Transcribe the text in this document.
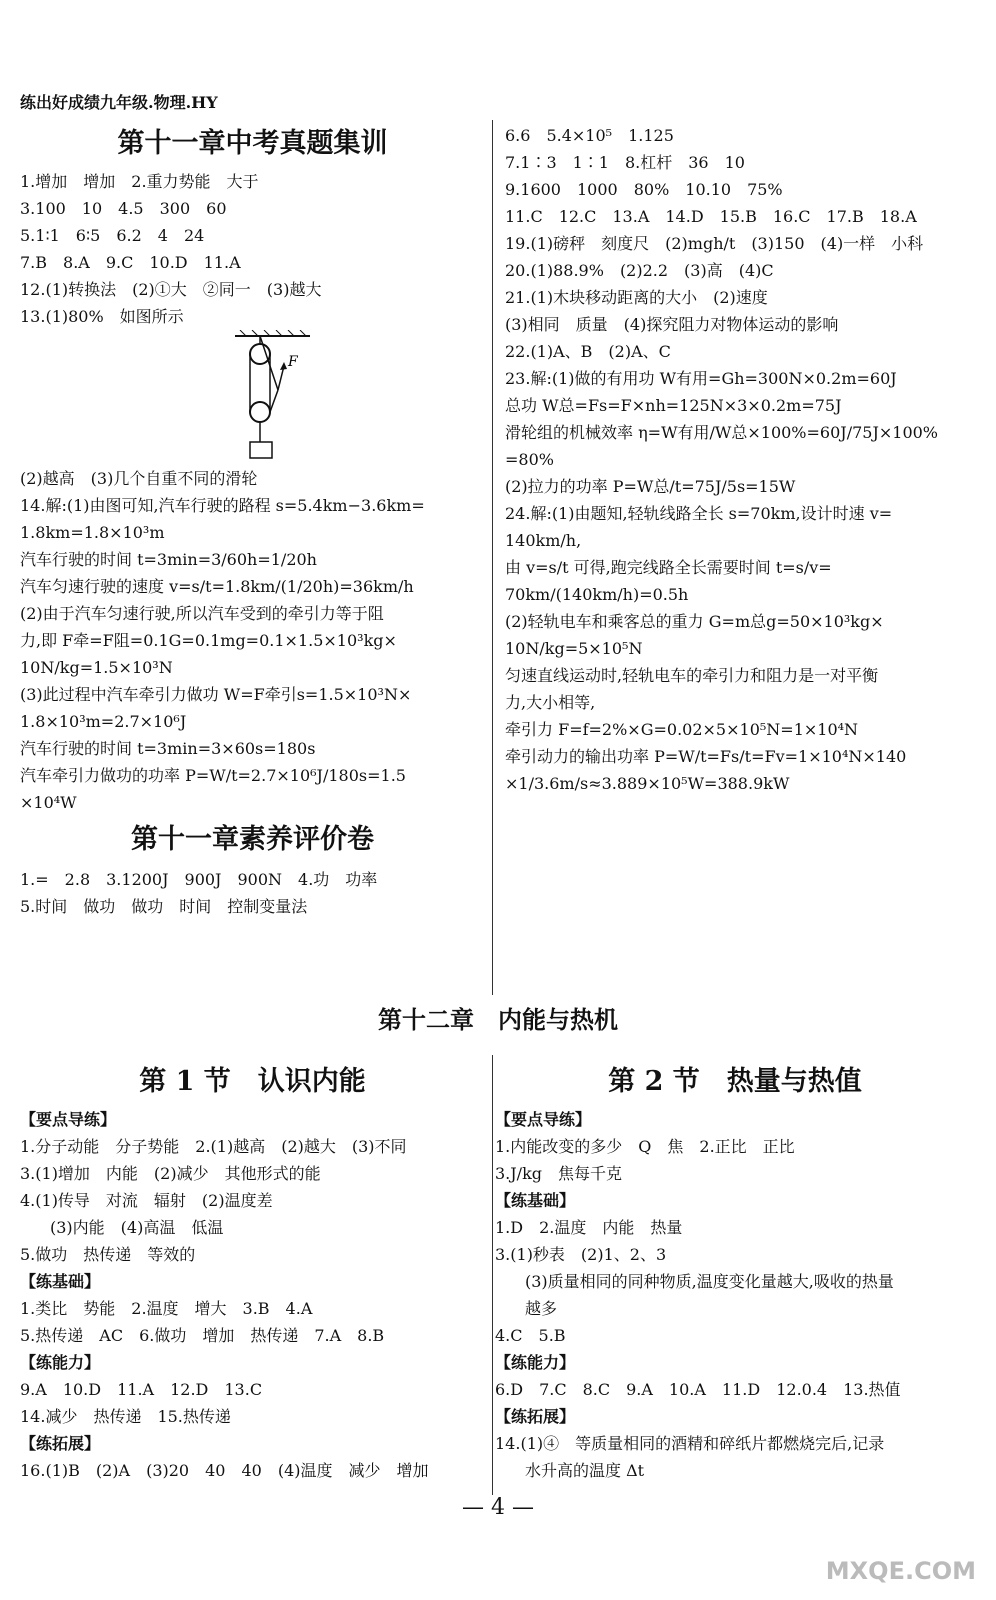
练出好成绩九年级.物理.HY
第十一章中考真题集训
1.增加　增加　2.重力势能　大于
3.100　10　4.5　300　60
5.1∶1　6∶5　6.2　4　24
7.B　8.A　9.C　10.D　11.A
12.(1)转换法　(2)①大　②同一　(3)越大
13.(1)80%　如图所示
F
(2)越高　(3)几个自重不同的滑轮
14.解:(1)由图可知,汽车行驶的路程 s=5.4km−3.6km=
1.8km=1.8×10³m
汽车行驶的时间 t=3min=3/60h=1/20h
汽车匀速行驶的速度 v=s/t=1.8km/(1/20h)=36km/h
(2)由于汽车匀速行驶,所以汽车受到的牵引力等于阻
力,即 F牵=F阻=0.1G=0.1mg=0.1×1.5×10³kg×
10N/kg=1.5×10³N
(3)此过程中汽车牵引力做功 W=F牵引s=1.5×10³N×
1.8×10³m=2.7×10⁶J
汽车行驶的时间 t=3min=3×60s=180s
汽车牵引力做功的功率 P=W/t=2.7×10⁶J/180s=1.5
×10⁴W
第十一章素养评价卷
1.=　2.8　3.1200J　900J　900N　4.功　功率
5.时间　做功　做功　时间　控制变量法
6.6　5.4×10⁵　1.125
7.1∶3　1∶1　8.杠杆　36　10
9.1600　1000　80%　10.10　75%
11.C　12.C　13.A　14.D　15.B　16.C　17.B　18.A
19.(1)磅秤　刻度尺　(2)mgh/t　(3)150　(4)一样　小科
20.(1)88.9%　(2)2.2　(3)高　(4)C
21.(1)木块移动距离的大小　(2)速度
(3)相同　质量　(4)探究阻力对物体运动的影响
22.(1)A、B　(2)A、C
23.解:(1)做的有用功 W有用=Gh=300N×0.2m=60J
总功 W总=Fs=F×nh=125N×3×0.2m=75J
滑轮组的机械效率 η=W有用/W总×100%=60J/75J×100%
=80%
(2)拉力的功率 P=W总/t=75J/5s=15W
24.解:(1)由题知,轻轨线路全长 s=70km,设计时速 v=
140km/h,
由 v=s/t 可得,跑完线路全长需要时间 t=s/v=
70km/(140km/h)=0.5h
(2)轻轨电车和乘客总的重力 G=m总g=50×10³kg×
10N/kg=5×10⁵N
匀速直线运动时,轻轨电车的牵引力和阻力是一对平衡
力,大小相等,
牵引力 F=f=2%×G=0.02×5×10⁵N=1×10⁴N
牵引动力的输出功率 P=W/t=Fs/t=Fv=1×10⁴N×140
×1/3.6m/s≈3.889×10⁵W=388.9kW
第十二章　内能与热机
第 1 节　认识内能
【要点导练】
1.分子动能　分子势能　2.(1)越高　(2)越大　(3)不同
3.(1)增加　内能　(2)减少　其他形式的能
4.(1)传导　对流　辐射　(2)温度差
(3)内能　(4)高温　低温
5.做功　热传递　等效的
【练基础】
1.类比　势能　2.温度　增大　3.B　4.A
5.热传递　AC　6.做功　增加　热传递　7.A　8.B
【练能力】
9.A　10.D　11.A　12.D　13.C
14.减少　热传递　15.热传递
【练拓展】
16.(1)B　(2)A　(3)20　40　40　(4)温度　减少　增加
第 2 节　热量与热值
【要点导练】
1.内能改变的多少　Q　焦　2.正比　正比
3.J/kg　焦每千克
【练基础】
1.D　2.温度　内能　热量
3.(1)秒表　(2)1、2、3
(3)质量相同的同种物质,温度变化量越大,吸收的热量
越多
4.C　5.B
【练能力】
6.D　7.C　8.C　9.A　10.A　11.D　12.0.4　13.热值
【练拓展】
14.(1)④　等质量相同的酒精和碎纸片都燃烧完后,记录
水升高的温度 Δt
— 4 —
MXQE.COM
